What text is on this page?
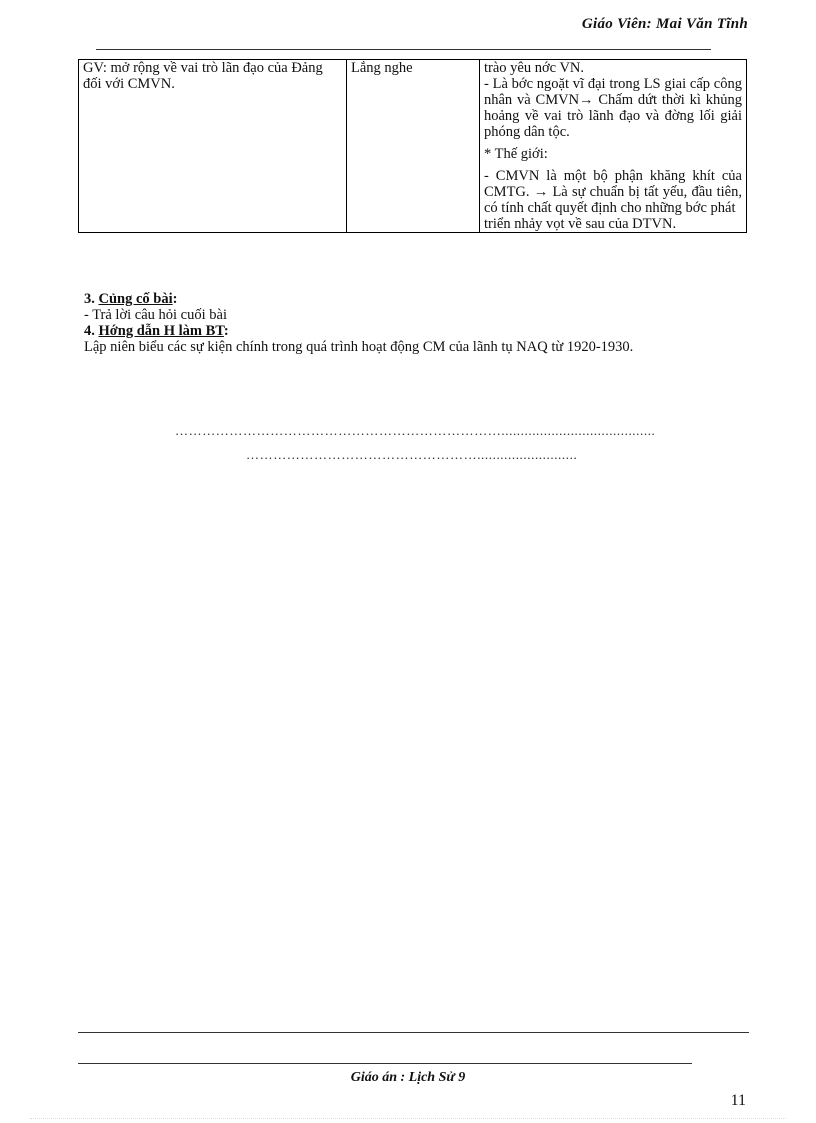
Giáo Viên: Mai Văn Tĩnh
GV: mở rộng về vai trò lãn đạo của Đảng đối với CMVN.	Lắng nghe	trào yêu nớc VN.

- Là bớc ngoặt vĩ đại trong LS giai cấp công nhân và CMVN→ Chấm dứt thời kì khủng hoảng về vai trò lãnh đạo và đờng lối giải phóng dân tộc.

* Thế giới:

- CMVN là một bộ phận khăng khít của CMTG. → Là sự chuẩn bị tất yếu, đầu tiên, có tính chất quyết định cho những bớc phát

triển nhảy vọt về sau của DTVN.

3. Củng cố bài:

- Trả lời câu hỏi cuối bài

4. Hớng dẫn H làm BT:

Lập niên biểu các sự kiện chính trong quá trình hoạt động CM của lãnh tụ NAQ từ 1920-1930.

………………………………………………………………........................................
……………………………………………..........................
Giáo án : Lịch Sử 9
11
